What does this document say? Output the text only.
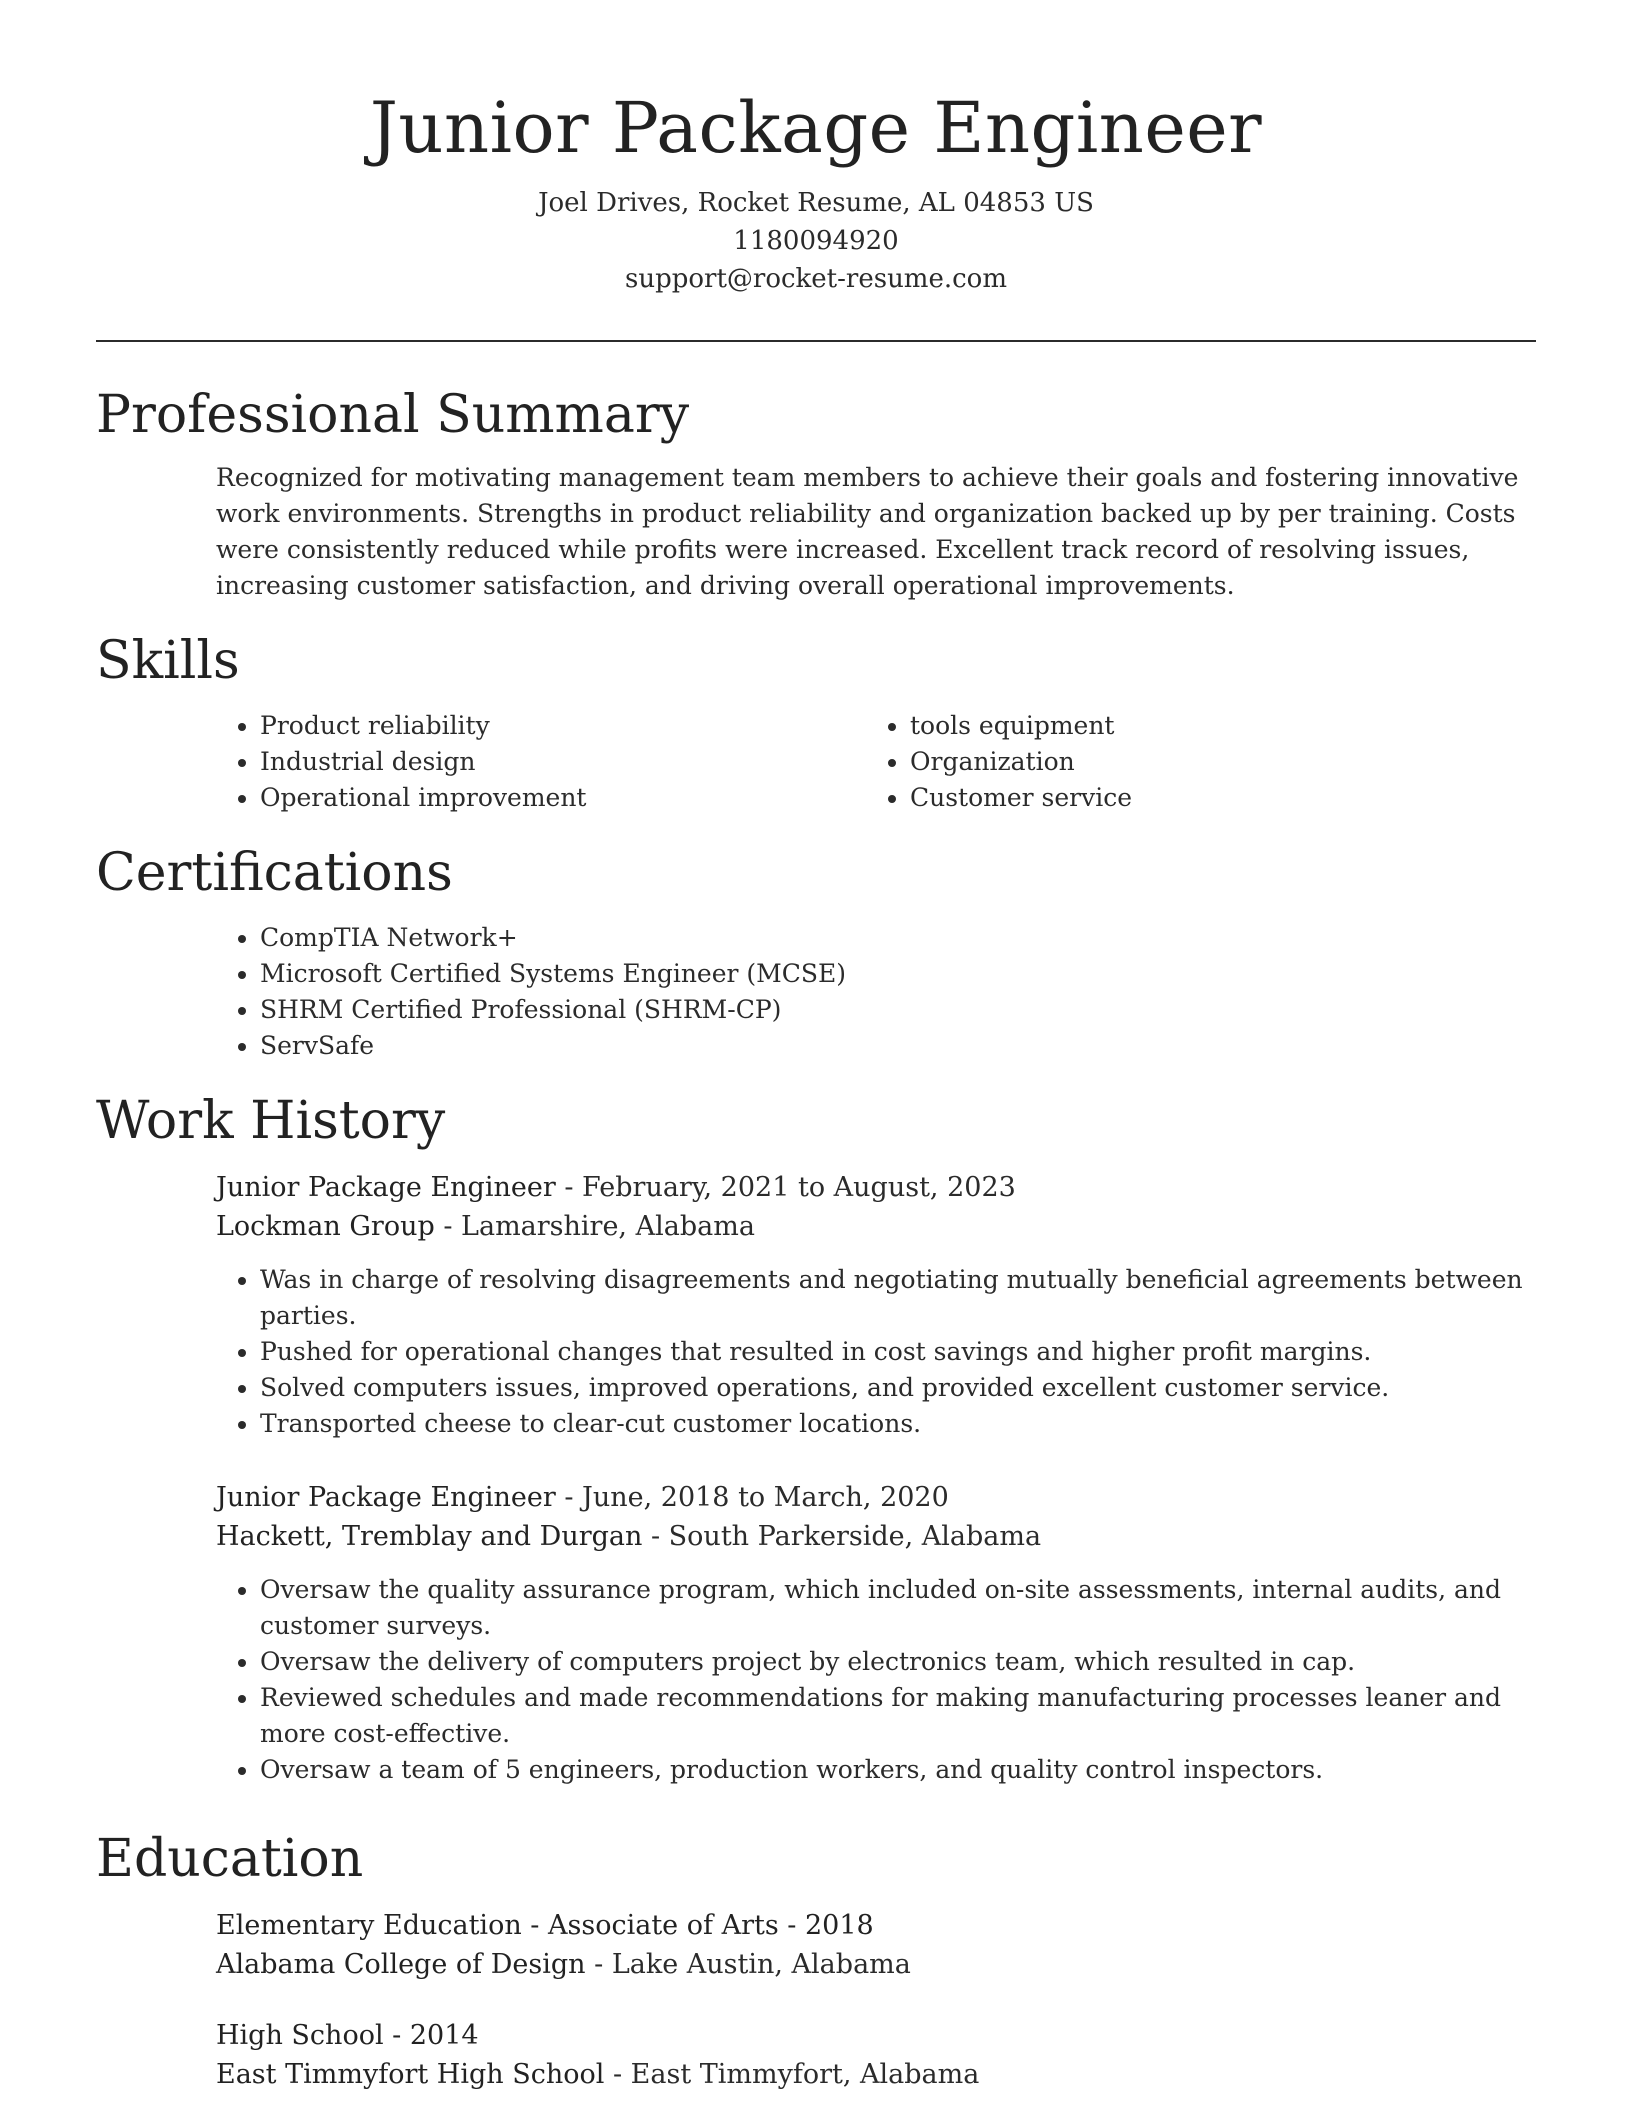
Junior Package Engineer
Joel Drives, Rocket Resume, AL 04853 US
1180094920
support@rocket-resume.com
Professional Summary
Recognized for motivating management team members to achieve their goals and fostering innovative work environments. Strengths in product reliability and organization backed up by per training. Costs were consistently reduced while profits were increased. Excellent track record of resolving issues, increasing customer satisfaction, and driving overall operational improvements.
Skills
• Product reliability
• Industrial design
• Operational improvement
• tools equipment
• Organization
• Customer service
Certifications
• CompTIA Network+
• Microsoft Certified Systems Engineer (MCSE)
• SHRM Certified Professional (SHRM-CP)
• ServSafe
Work History
Junior Package Engineer - February, 2021 to August, 2023
Lockman Group - Lamarshire, Alabama
• Was in charge of resolving disagreements and negotiating mutually beneficial agreements between parties.
• Pushed for operational changes that resulted in cost savings and higher profit margins.
• Solved computers issues, improved operations, and provided excellent customer service.
• Transported cheese to clear-cut customer locations.
Junior Package Engineer - June, 2018 to March, 2020
Hackett, Tremblay and Durgan - South Parkerside, Alabama
• Oversaw the quality assurance program, which included on-site assessments, internal audits, and customer surveys.
• Oversaw the delivery of computers project by electronics team, which resulted in cap.
• Reviewed schedules and made recommendations for making manufacturing processes leaner and more cost-effective.
• Oversaw a team of 5 engineers, production workers, and quality control inspectors.
Education
Elementary Education - Associate of Arts - 2018
Alabama College of Design - Lake Austin, Alabama
High School - 2014
East Timmyfort High School - East Timmyfort, Alabama
